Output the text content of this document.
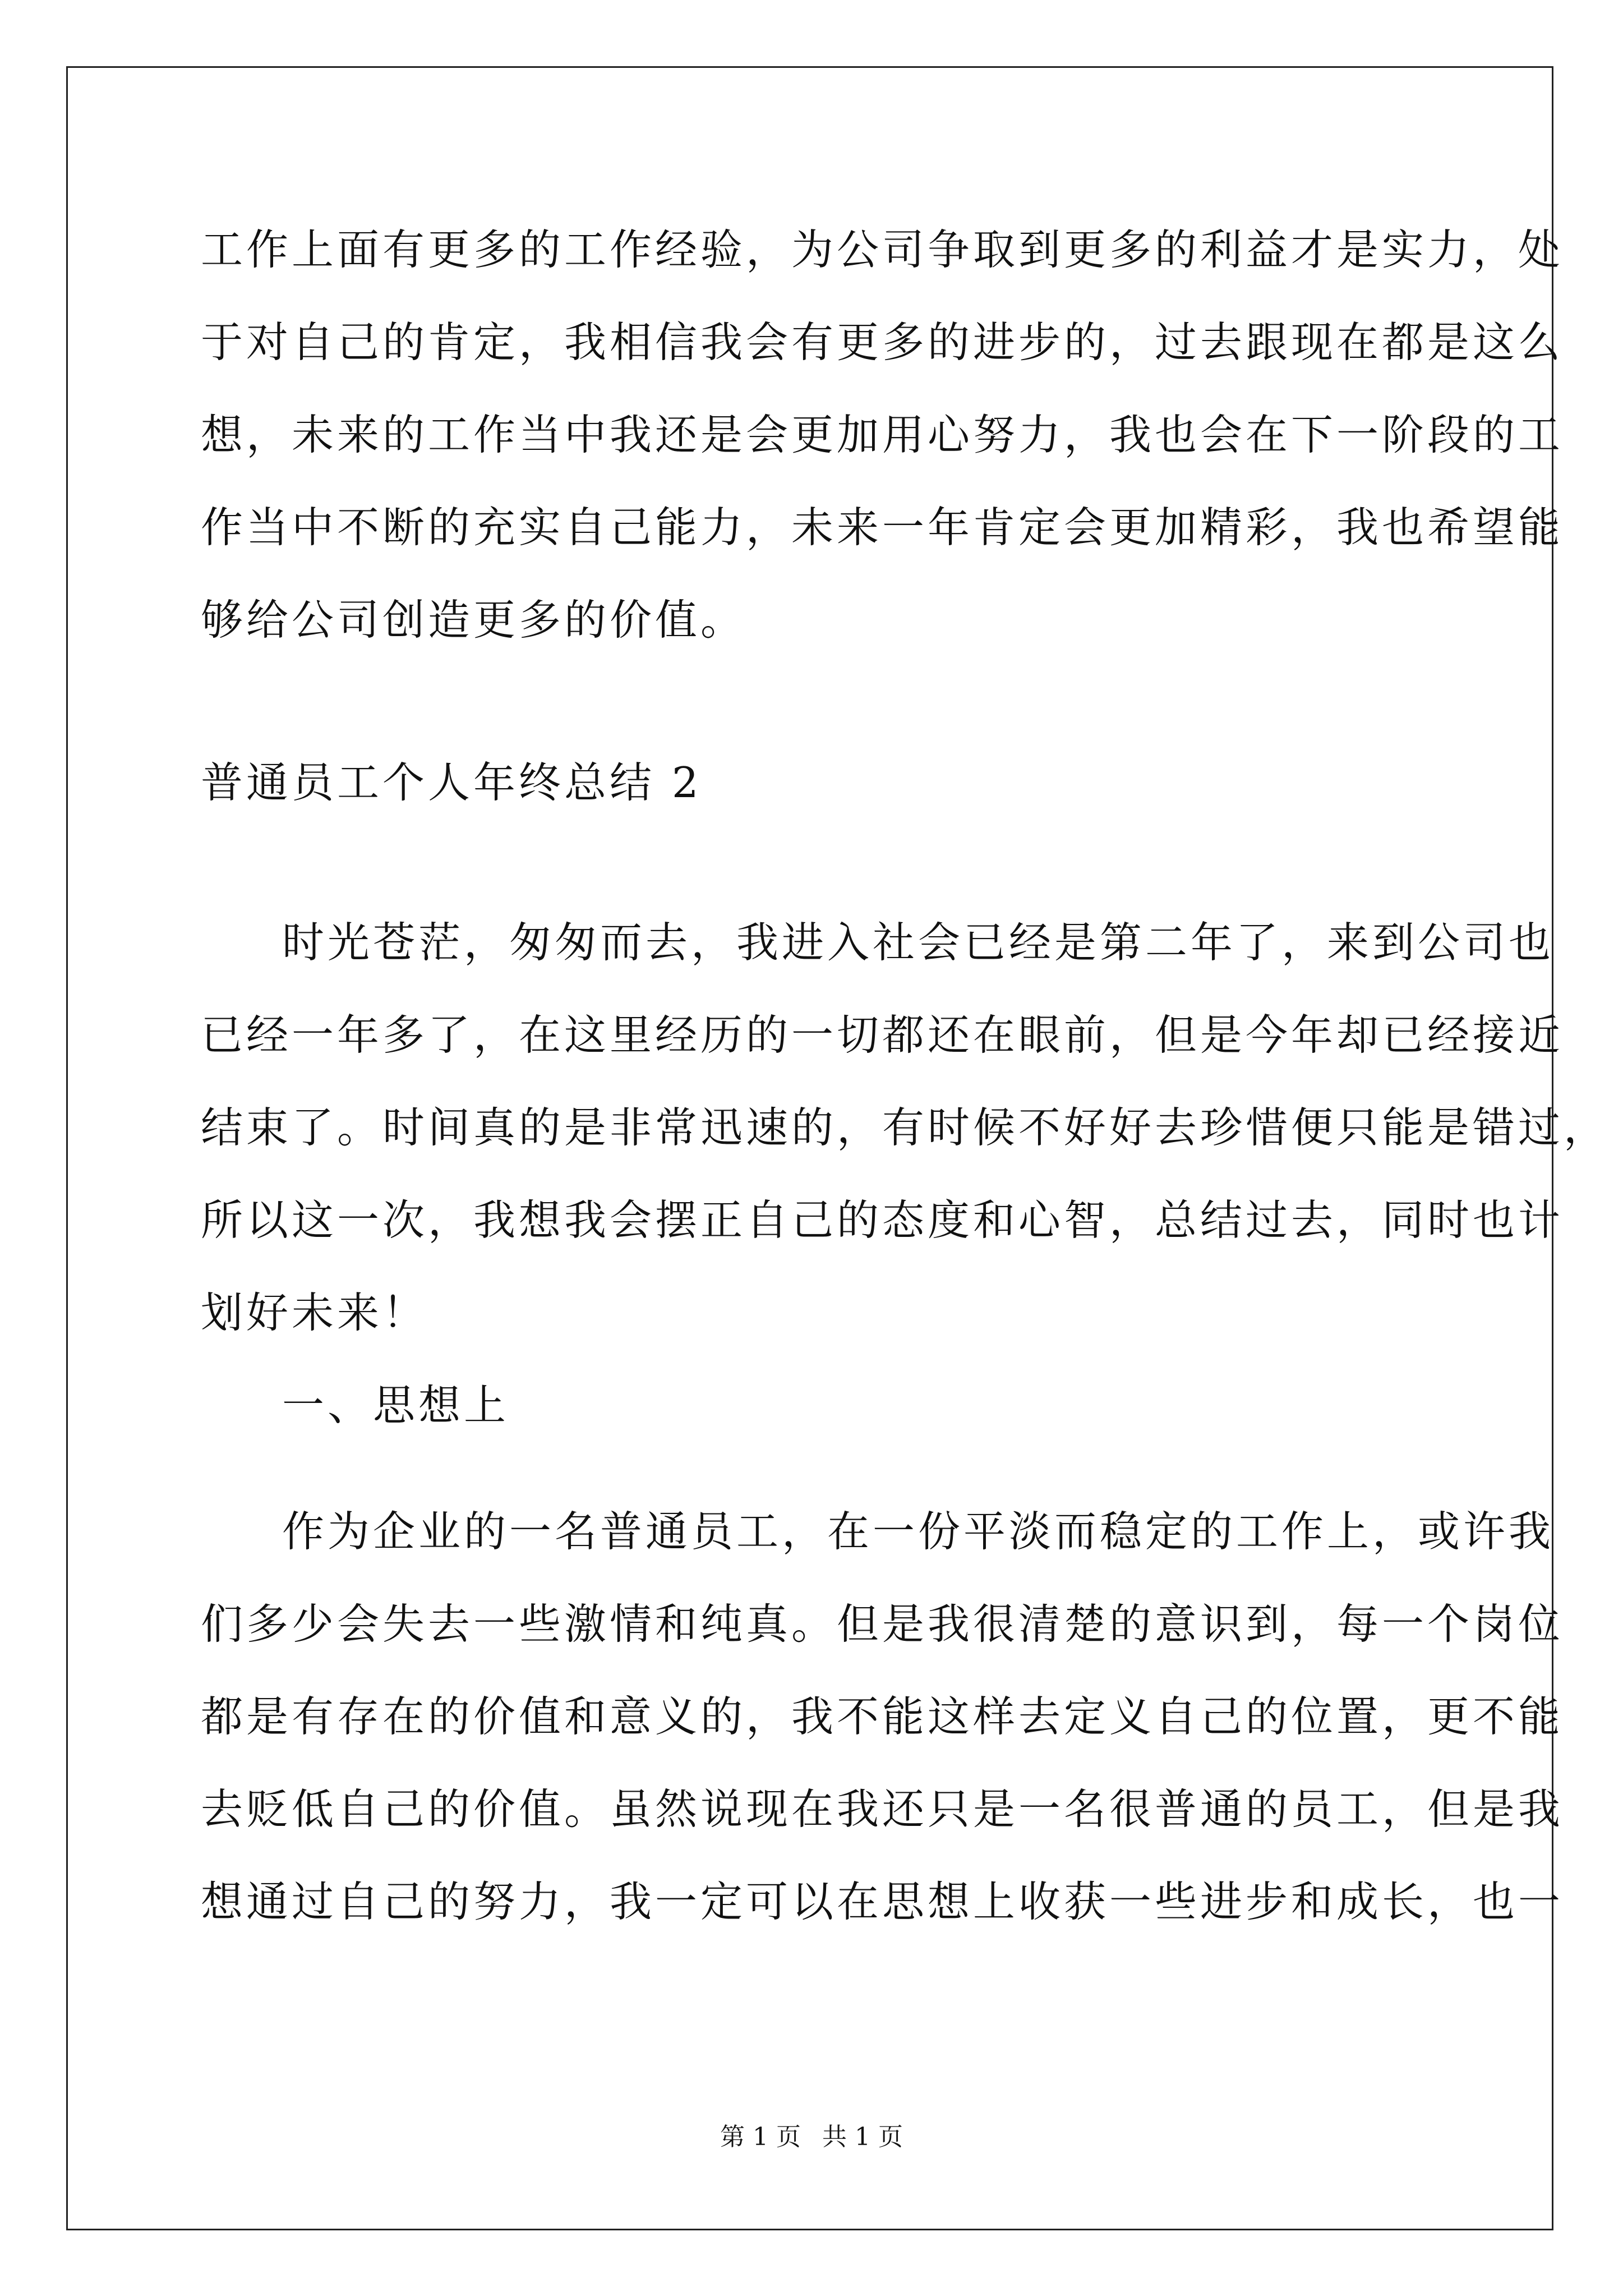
工作上面有更多的工作经验，为公司争取到更多的利益才是实力，处
于对自己的肯定，我相信我会有更多的进步的，过去跟现在都是这么
想，未来的工作当中我还是会更加用心努力，我也会在下一阶段的工
作当中不断的充实自己能力，未来一年肯定会更加精彩，我也希望能
够给公司创造更多的价值。
普通员工个人年终总结 2
时光苍茫，匆匆而去，我进入社会已经是第二年了，来到公司也
已经一年多了，在这里经历的一切都还在眼前，但是今年却已经接近
结束了。时间真的是非常迅速的，有时候不好好去珍惜便只能是错过，
所以这一次，我想我会摆正自己的态度和心智，总结过去，同时也计
划好未来！
一、思想上
作为企业的一名普通员工，在一份平淡而稳定的工作上，或许我
们多少会失去一些激情和纯真。但是我很清楚的意识到，每一个岗位
都是有存在的价值和意义的，我不能这样去定义自己的位置，更不能
去贬低自己的价值。虽然说现在我还只是一名很普通的员工，但是我
想通过自己的努力，我一定可以在思想上收获一些进步和成长，也一
第 1 页 共 1 页
